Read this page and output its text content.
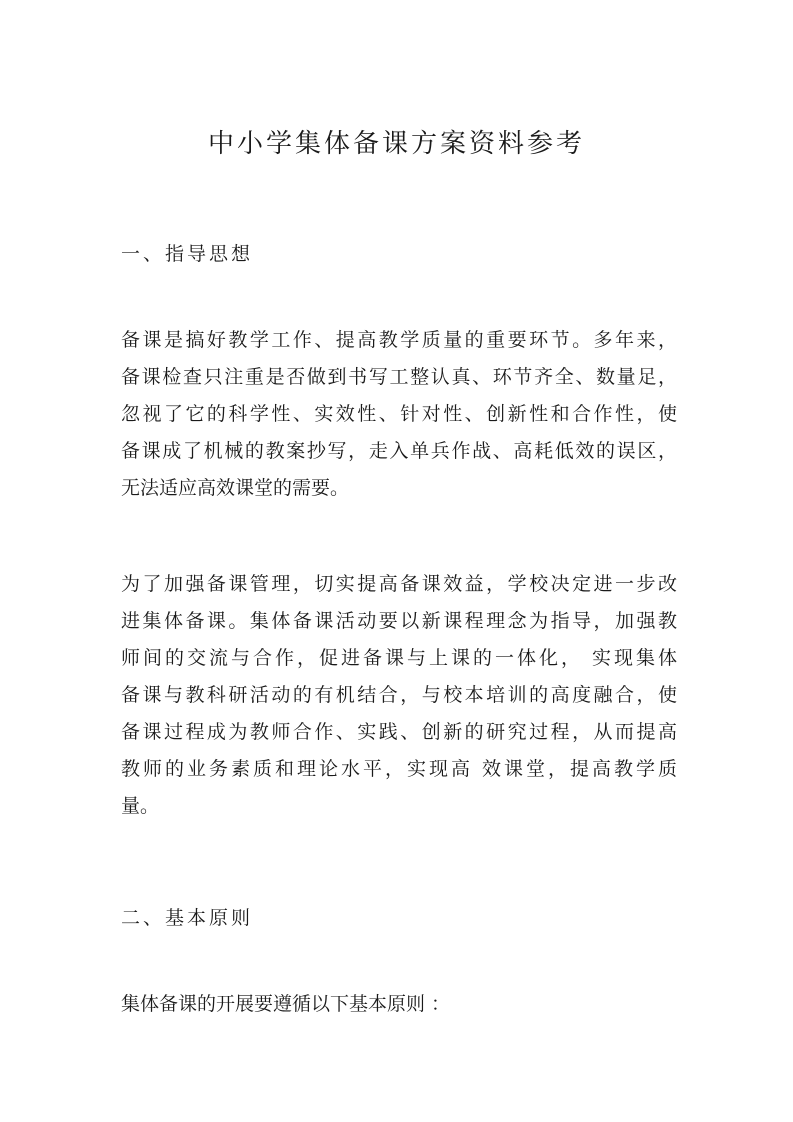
中小学集体备课方案资料参考
一、指导思想
备课是搞好教学工作、提高教学质量的重要环节。多年来，
备课检查只注重是否做到书写工整认真、环节齐全、数量足，
忽视了它的科学性、实效性、针对性、创新性和合作性，使
备课成了机械的教案抄写，走入单兵作战、高耗低效的误区，
无法适应高效课堂的需要。
为了加强备课管理，切实提高备课效益，学校决定进一步改
进集体备课。集体备课活动要以新课程理念为指导，加强教
师间的交流与合作，促进备课与上课的一体化， 实现集体
备课与教科研活动的有机结合，与校本培训的高度融合，使
备课过程成为教师合作、实践、创新的研究过程，从而提高
教师的业务素质和理论水平，实现高 效课堂，提高教学质
量。
二、基本原则
集体备课的开展要遵循以下基本原则 ：
